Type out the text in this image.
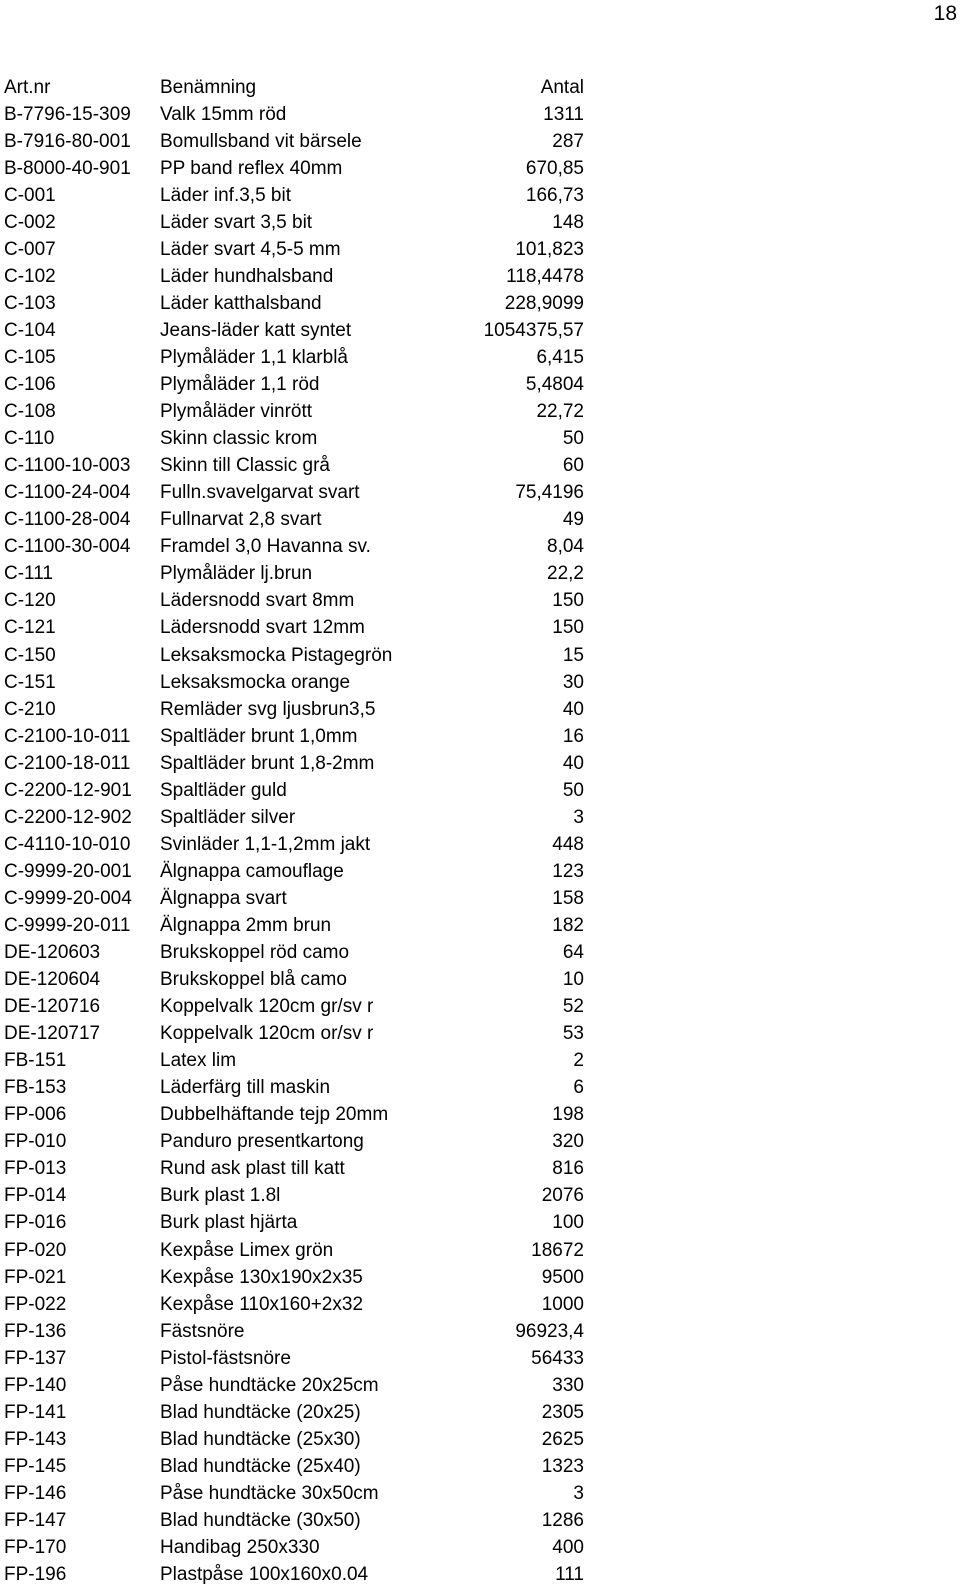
18
Art.nr	Benämning	Antal
B-7796-15-309	Valk 15mm röd	1311
B-7916-80-001	Bomullsband vit bärsele	287
B-8000-40-901	PP band reflex 40mm	670,85
C-001	Läder inf.3,5 bit	166,73
C-002	Läder svart 3,5 bit	148
C-007	Läder svart 4,5-5 mm	101,823
C-102	Läder hundhalsband	118,4478
C-103	Läder katthalsband	228,9099
C-104	Jeans-läder katt syntet	1054375,57
C-105	Plymåläder 1,1 klarblå	6,415
C-106	Plymåläder 1,1 röd	5,4804
C-108	Plymåläder vinrött	22,72
C-110	Skinn classic krom	50
C-1100-10-003	Skinn till Classic grå	60
C-1100-24-004	Fulln.svavelgarvat svart	75,4196
C-1100-28-004	Fullnarvat 2,8 svart	49
C-1100-30-004	Framdel 3,0 Havanna sv.	8,04
C-111	Plymåläder lj.brun	22,2
C-120	Lädersnodd svart 8mm	150
C-121	Lädersnodd svart 12mm	150
C-150	Leksaksmocka Pistagegrön	15
C-151	Leksaksmocka orange	30
C-210	Remläder svg ljusbrun3,5	40
C-2100-10-011	Spaltläder brunt 1,0mm	16
C-2100-18-011	Spaltläder brunt 1,8-2mm	40
C-2200-12-901	Spaltläder guld	50
C-2200-12-902	Spaltläder silver	3
C-4110-10-010	Svinläder 1,1-1,2mm jakt	448
C-9999-20-001	Älgnappa camouflage	123
C-9999-20-004	Älgnappa svart	158
C-9999-20-011	Älgnappa 2mm brun	182
DE-120603	Brukskoppel röd camo	64
DE-120604	Brukskoppel blå camo	10
DE-120716	Koppelvalk 120cm gr/sv r	52
DE-120717	Koppelvalk 120cm or/sv r	53
FB-151	Latex lim	2
FB-153	Läderfärg till maskin	6
FP-006	Dubbelhäftande tejp 20mm	198
FP-010	Panduro presentkartong	320
FP-013	Rund ask plast till katt	816
FP-014	Burk plast 1.8l	2076
FP-016	Burk plast hjärta	100
FP-020	Kexpåse Limex grön	18672
FP-021	Kexpåse 130x190x2x35	9500
FP-022	Kexpåse 110x160+2x32	1000
FP-136	Fästsnöre	96923,4
FP-137	Pistol-fästsnöre	56433
FP-140	Påse hundtäcke 20x25cm	330
FP-141	Blad hundtäcke (20x25)	2305
FP-143	Blad hundtäcke (25x30)	2625
FP-145	Blad hundtäcke (25x40)	1323
FP-146	Påse hundtäcke 30x50cm	3
FP-147	Blad hundtäcke (30x50)	1286
FP-170	Handibag 250x330	400
FP-196	Plastpåse 100x160x0.04	111
